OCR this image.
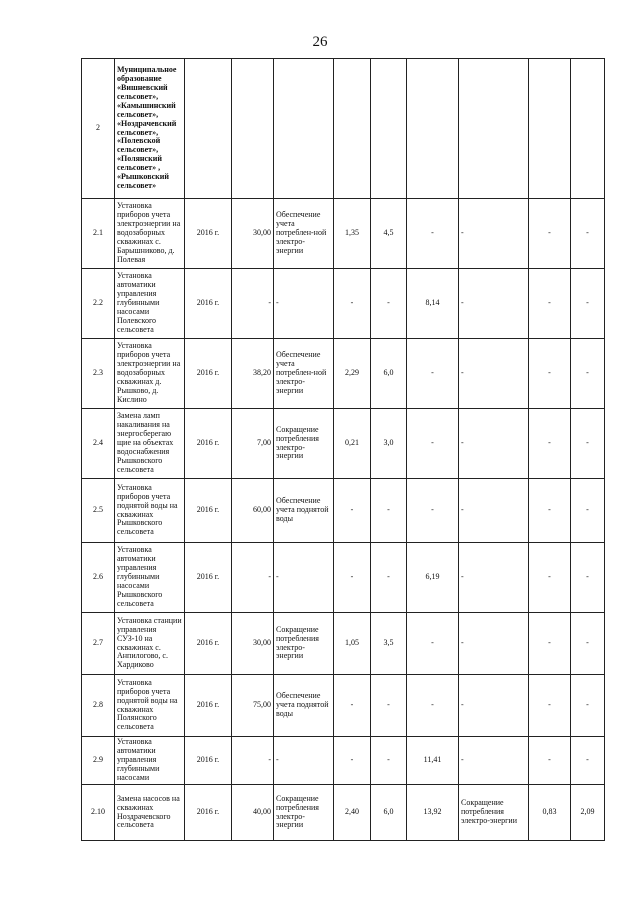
26
2	Муниципальное образование «Вишневский сельсовет», «Камышинский сельсовет», «Ноздрачевский сельсовет», «Полевской сельсовет», «Полянский сельсовет» , «Рышковский сельсовет»									
2.1	Установка приборов учета электроэнергии на водозаборных скважинах с. Барышниково, д. Полевая	2016 г.	30,00	Обеспечение учета потреблен-ной электро-энергии	1,35	4,5	-	-	-	-
2.2	Установка автоматики управления глубинными насосами Полевского сельсовета	2016 г.	-	-	-	-	8,14	-	-	-
2.3	Установка приборов учета электроэнергии на водозаборных скважинах д. Рышково, д. Кислино	2016 г.	38,20	Обеспечение учета потреблен-ной электро-энергии	2,29	6,0	-	-	-	-
2.4	Замена ламп накаливания на энергосберегаю щие на объектах водоснабжения Рышковского сельсовета	2016 г.	7,00	Сокращение потребления электро-энергии	0,21	3,0	-	-	-	-
2.5	Установка приборов учета поднятой воды на скважинах Рышковского сельсовета	2016 г.	60,00	Обеспечение учета поднятой воды	-	-	-	-	-	-
2.6	Установка автоматики управления глубинными насосами Рышковского сельсовета	2016 г.	-	-	-	-	6,19	-	-	-
2.7	Установка станции управления СУЗ-10 на скважинах с. Анпилогово, с. Хардиково	2016 г.	30,00	Сокращение потребления электро-энергии	1,05	3,5	-	-	-	-
2.8	Установка приборов учета поднятой воды на скважинах Полянского сельсовета	2016 г.	75,00	Обеспечение учета поднятой воды	-	-	-	-	-	-
2.9	Установка автоматики управления глубинными насосами	2016 г.	-	-	-	-	11,41	-	-	-
2.10	Замена насосов на скважинах Ноздрачевского сельсовета	2016 г.	40,00	Сокращение потребления электро-энергии	2,40	6,0	13,92	Сокращение потребления электро-энергии	0,83	2,09
